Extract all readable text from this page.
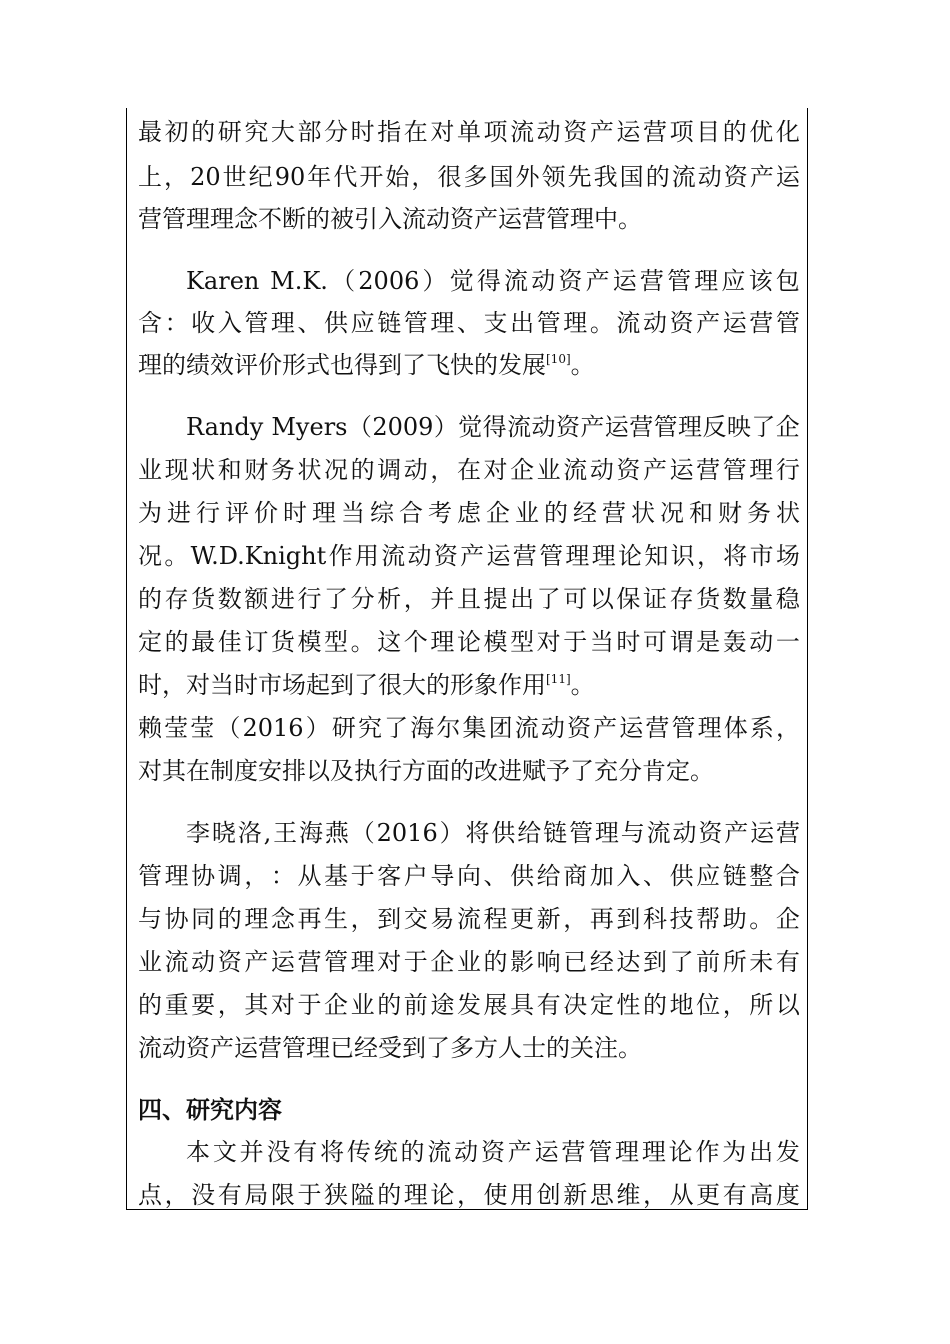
最 初 的 研 究 大 部 分 时 指 在 对 单 项 流 动 资 产 运 营 项 目 的 优 化
上 ， 20 世 纪 90 年 代 开 始 ， 很 多 国 外 领 先 我 国 的 流 动 资 产 运
营管理理念不断的被引入流动资产运营管理中。
Karen M.K. （ 2006 ） 觉 得 流 动 资 产 运 营 管 理 应 该 包
含 ： 收 入 管 理 、 供 应 链 管 理 、 支 出 管 理 。 流 动 资 产 运 营 管
理的绩效评价形式也得到了飞快的发展[10]。
Randy Myers （ 2009 ） 觉 得 流 动 资 产 运 营 管 理 反 映 了 企
业 现 状 和 财 务 状 况 的 调 动 ， 在 对 企 业 流 动 资 产 运 营 管 理 行
为 进 行 评 价 时 理 当 综 合 考 虑 企 业 的 经 营 状 况 和 财 务 状
况 。 W.D.Knight 作 用 流 动 资 产 运 营 管 理 理 论 知 识 ， 将 市 场
的 存 货 数 额 进 行 了 分 析 ， 并 且 提 出 了 可 以 保 证 存 货 数 量 稳
定 的 最 佳 订 货 模 型 。 这 个 理 论 模 型 对 于 当 时 可 谓 是 轰 动 一
时，对当时市场起到了很大的形象作用[11]。
赖 莹 莹 （ 2016 ） 研 究 了 海 尔 集 团 流 动 资 产 运 营 管 理 体 系 ，
对其在制度安排以及执行方面的改进赋予了充分肯定。
李 晓 洛 , 王 海 燕 （ 2016 ） 将 供 给 链 管 理 与 流 动 资 产 运 营
管 理 协 调 ， ： 从 基 于 客 户 导 向 、 供 给 商 加 入 、 供 应 链 整 合
与 协 同 的 理 念 再 生 ， 到 交 易 流 程 更 新 ， 再 到 科 技 帮 助 。 企
业 流 动 资 产 运 营 管 理 对 于 企 业 的 影 响 已 经 达 到 了 前 所 未 有
的 重 要 ， 其 对 于 企 业 的 前 途 发 展 具 有 决 定 性 的 地 位 ， 所 以
流动资产运营管理已经受到了多方人士的关注。
四、研究内容
本 文 并 没 有 将 传 统 的 流 动 资 产 运 营 管 理 理 论 作 为 出 发
点 ， 没 有 局 限 于 狭 隘 的 理 论 ， 使 用 创 新 思 维 ， 从 更 有 高 度
